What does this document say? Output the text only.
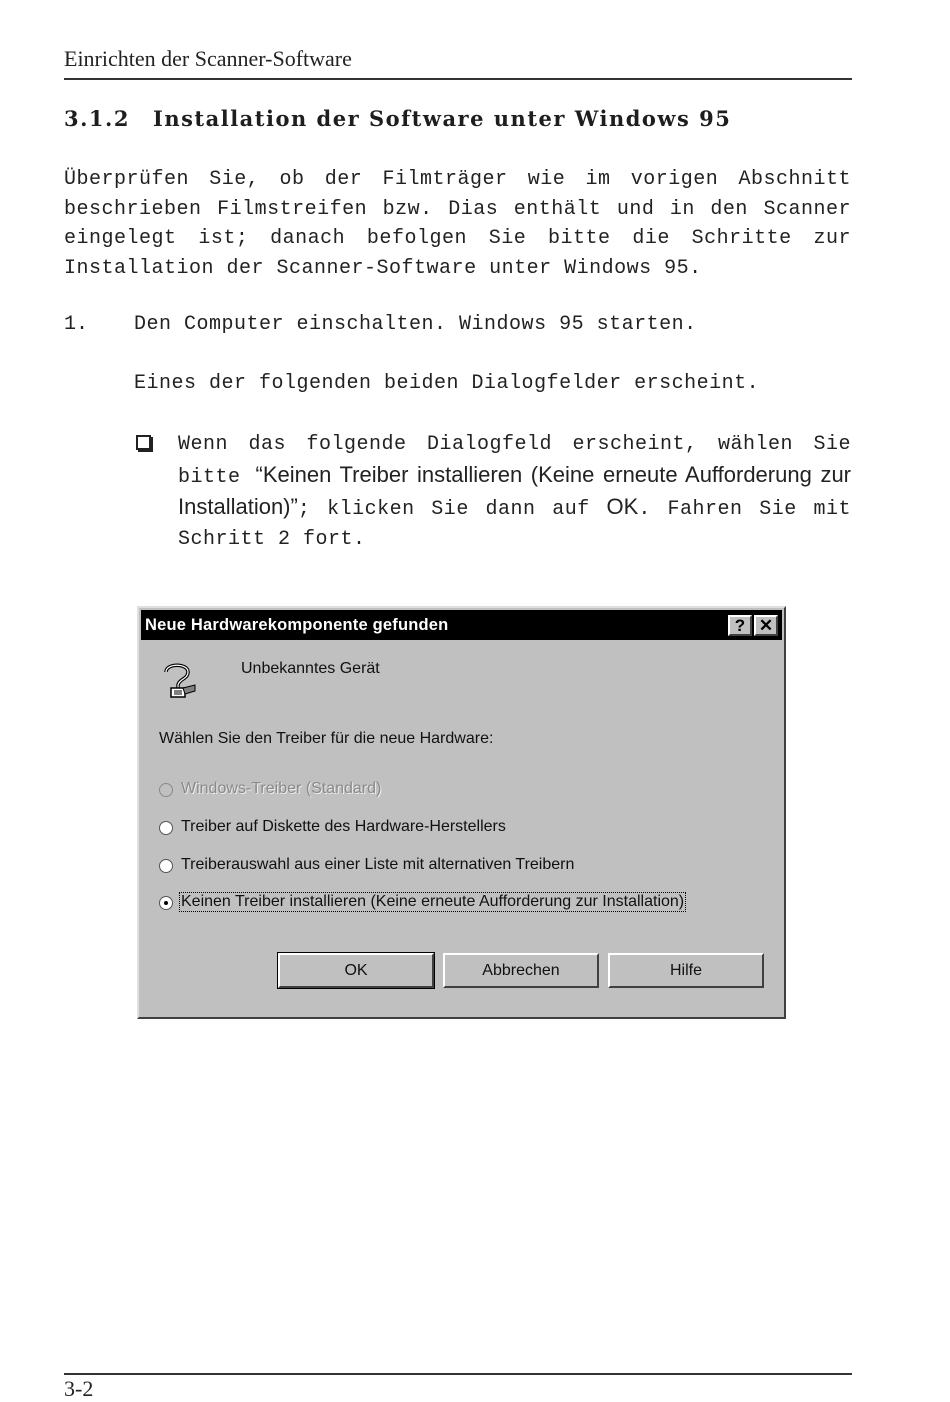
Einrichten der Scanner-Software
3.1.2 Installation der Software unter Windows 95
Überprüfen Sie, ob der Filmträger wie im vorigen Abschnitt beschrieben Filmstreifen bzw. Dias enthält und in den Scanner eingelegt ist; danach befolgen Sie bitte die Schritte zur Installation der Scanner-Software unter Windows 95.
1. Den Computer einschalten. Windows 95 starten.
Eines der folgenden beiden Dialogfelder erscheint.
Wenn das folgende Dialogfeld erscheint, wählen Sie bitte “Keinen Treiber installieren (Keine erneute Aufforderung zur Installation)”; klicken Sie dann auf OK. Fahren Sie mit Schritt 2 fort.
Neue Hardwarekomponente gefunden	? ✕
Unbekanntes Gerät
Wählen Sie den Treiber für die neue Hardware:
Windows-Treiber (Standard)
Treiber auf Diskette des Hardware-Herstellers
Treiberauswahl aus einer Liste mit alternativen Treibern
Keinen Treiber installieren (Keine erneute Aufforderung zur Installation)
OK	Abbrechen	Hilfe
3-2
